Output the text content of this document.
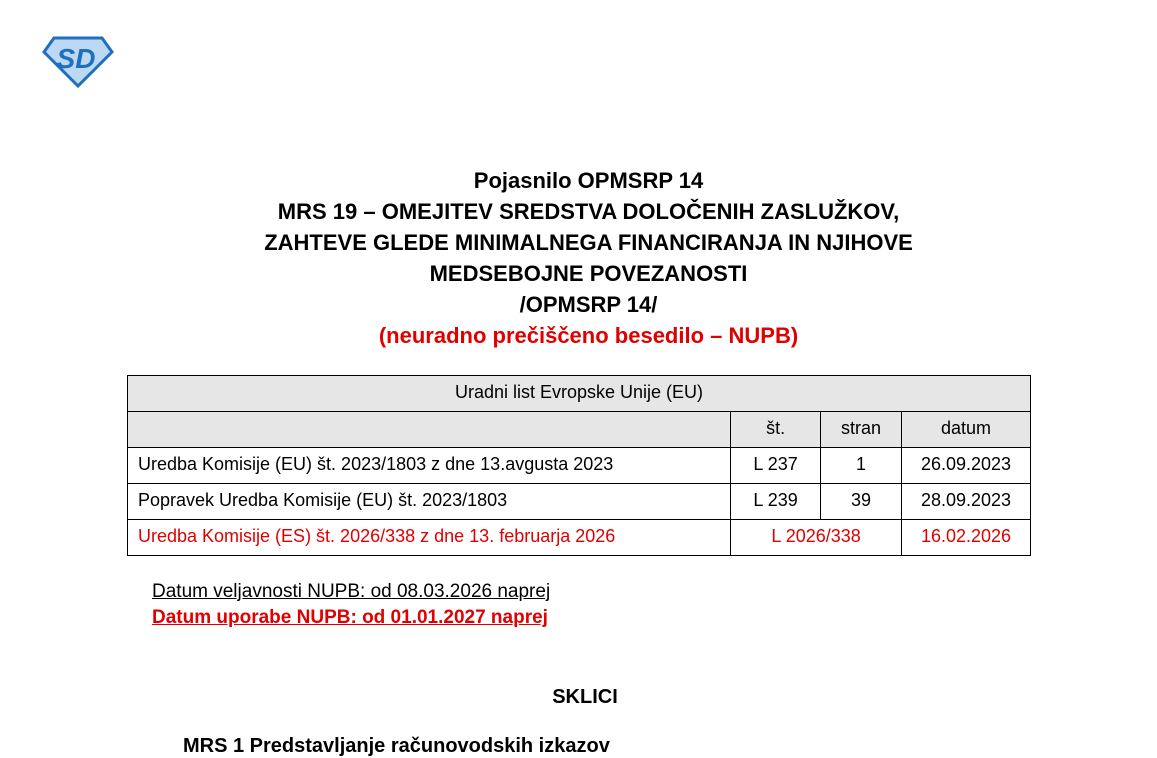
SD
Pojasnilo OPMSRP 14
MRS 19 – OMEJITEV SREDSTVA DOLOČENIH ZASLUŽKOV,
ZAHTEVE GLEDE MINIMALNEGA FINANCIRANJA IN NJIHOVE
MEDSEBOJNE POVEZANOSTI
/OPMSRP 14/
(neuradno prečiščeno besedilo – NUPB)
Uradni list Evropske Unije (EU)			
	št.	stran	datum
Uredba Komisije (EU) št. 2023/1803 z dne 13.avgusta 2023	L 237	1	26.09.2023
Popravek Uredba Komisije (EU) št. 2023/1803	L 239	39	28.09.2023
Uredba Komisije (ES) št. 2026/338 z dne 13. februarja 2026	L 2026/338		16.02.2026
Datum veljavnosti NUPB: od 08.03.2026 naprej
Datum uporabe NUPB: od 01.01.2027 naprej
SKLICI
MRS 1 Predstavljanje računovodskih izkazov
